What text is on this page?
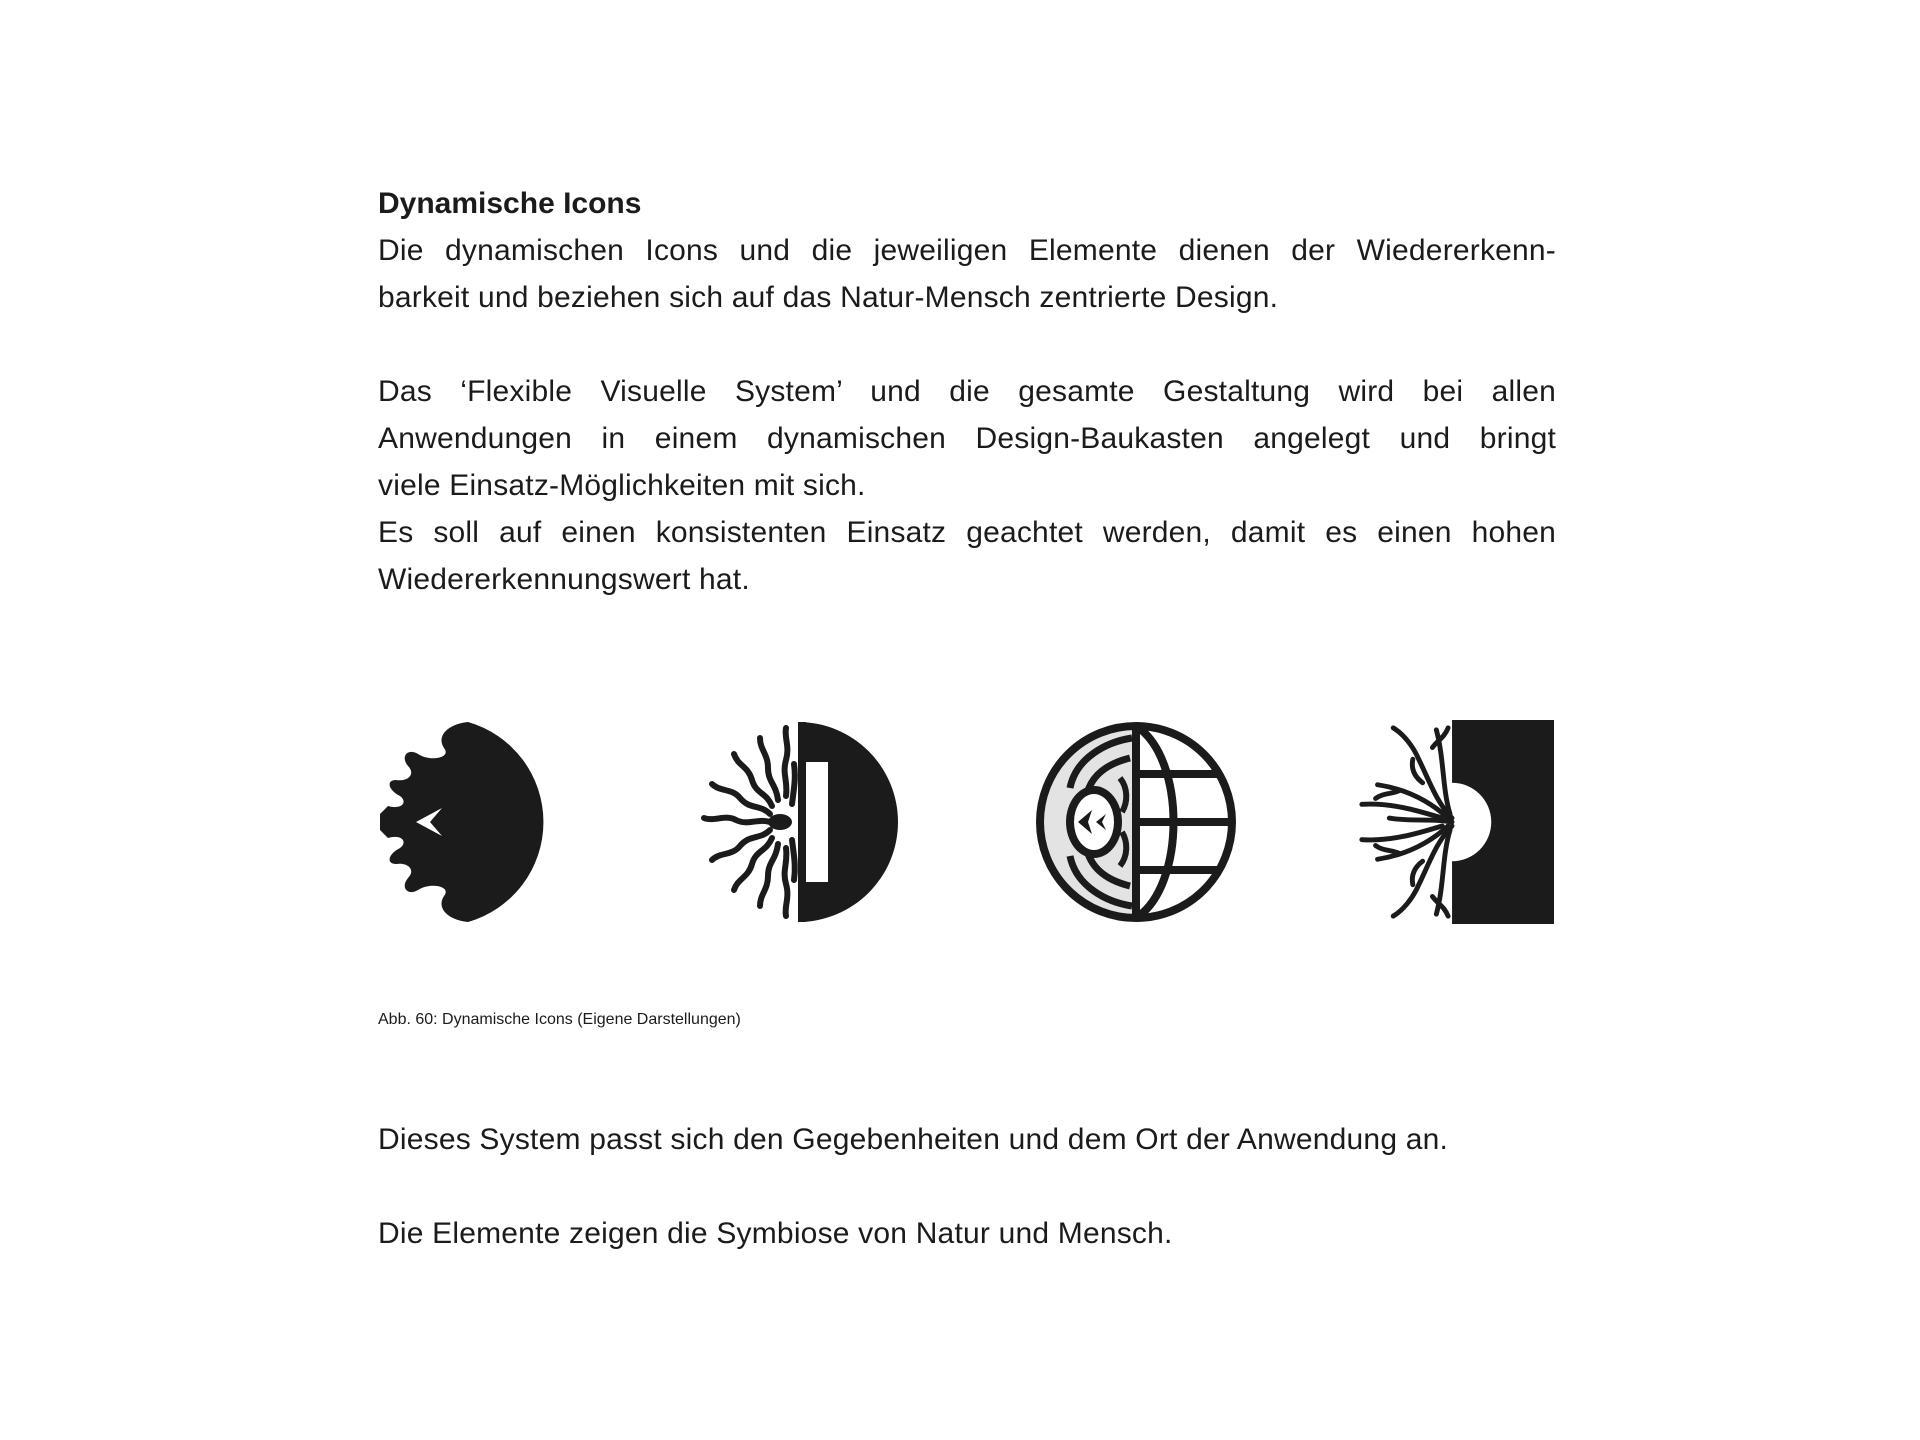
Dynamische Icons
Die dynamischen Icons und die jeweiligen Elemente dienen der Wiedererkenn-
barkeit und beziehen sich auf das Natur-Mensch zentrierte Design.
Das ‘Flexible Visuelle System’ und die gesamte Gestaltung wird bei allen
Anwendungen in einem dynamischen Design-Baukasten angelegt und bringt
viele Einsatz-Möglichkeiten mit sich.
Es soll auf einen konsistenten Einsatz geachtet werden, damit es einen hohen
Wiedererkennungswert hat.
Abb. 60: Dynamische Icons (Eigene Darstellungen)
Dieses System passt sich den Gegebenheiten und dem Ort der Anwendung an.
Die Elemente zeigen die Symbiose von Natur und Mensch.
